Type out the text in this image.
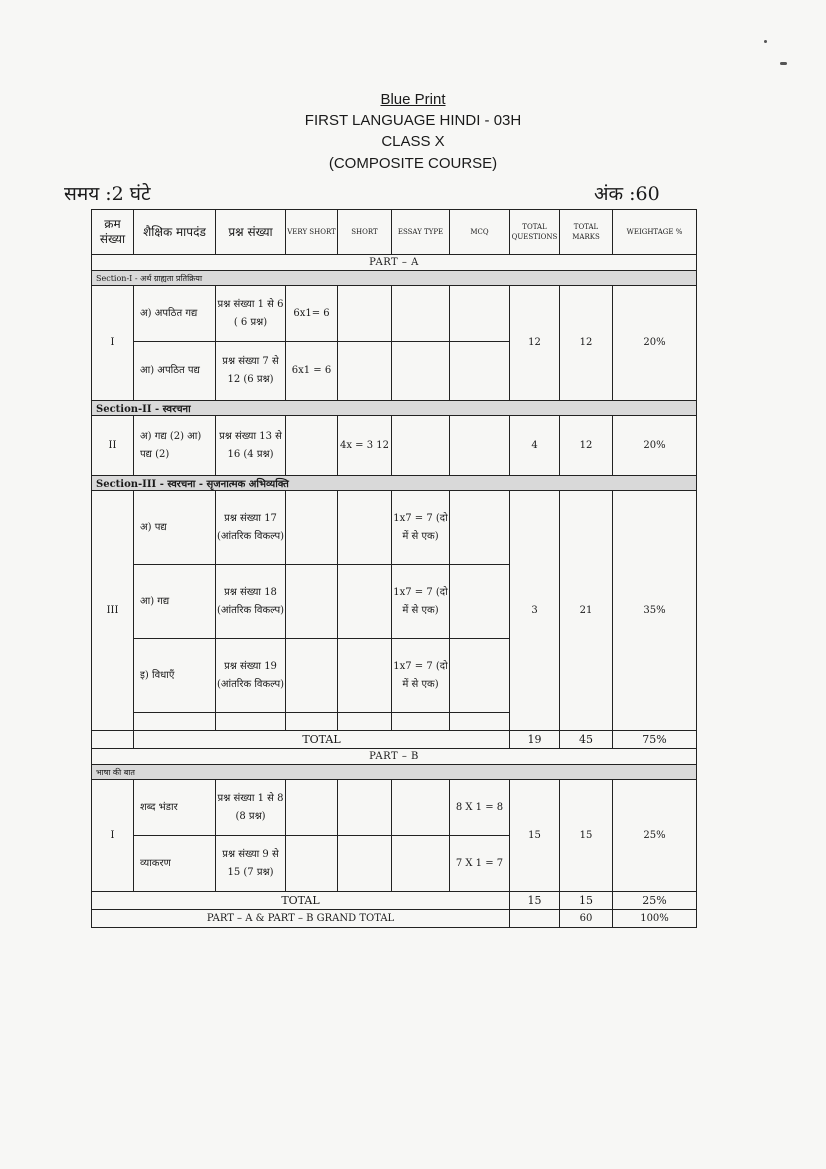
Blue Print
FIRST LANGUAGE HINDI - 03H
CLASS X
(COMPOSITE COURSE)
समय :2 घंटे	अंक :60
क्रम संख्या	शैक्षिक मापदंड	प्रश्न संख्या	VERY SHORT	SHORT	ESSAY TYPE	MCQ	TOTAL QUESTIONS	TOTAL MARKS	WEIGHTAGE %
PART – A									
Section-I - अर्थ ग्राह्यता प्रतिक्रिया									
I	अ) अपठित गद्य	प्रश्न संख्या 1 से 6 ( 6 प्रश्न)	6x1= 6				12	12	20%
	आ) अपठित पद्य	प्रश्न संख्या 7 से 12 (6 प्रश्न)	6x1 = 6						
Section-II - स्वरचना									
II	अ) गद्य (2) आ) पद्य (2)	प्रश्न संख्या 13 से 16 (4 प्रश्न)		4x = 3 12			4	12	20%
Section-III - स्वरचना - सृजनात्मक अभिव्यक्ति									
III	अ) पद्य	प्रश्न संख्या 17 (आंतरिक विकल्प)			1x7 = 7 (दो में से एक)		3	21	35%
	आ) गद्य	प्रश्न संख्या 18 (आंतरिक विकल्प)			1x7 = 7 (दो में से एक)				
	इ) विधाएँ	प्रश्न संख्या 19 (आंतरिक विकल्प)			1x7 = 7 (दो में से एक)				

	TOTAL						19	45	75%
PART – B									
भाषा की बात									
I	शब्द भंडार	प्रश्न संख्या 1 से 8 (8 प्रश्न)				8 X 1 = 8	15	15	25%
	व्याकरण	प्रश्न संख्या 9 से 15 (7 प्रश्न)				7 X 1 = 7			
TOTAL							15	15	25%
PART – A & PART – B GRAND TOTAL								60	100%
